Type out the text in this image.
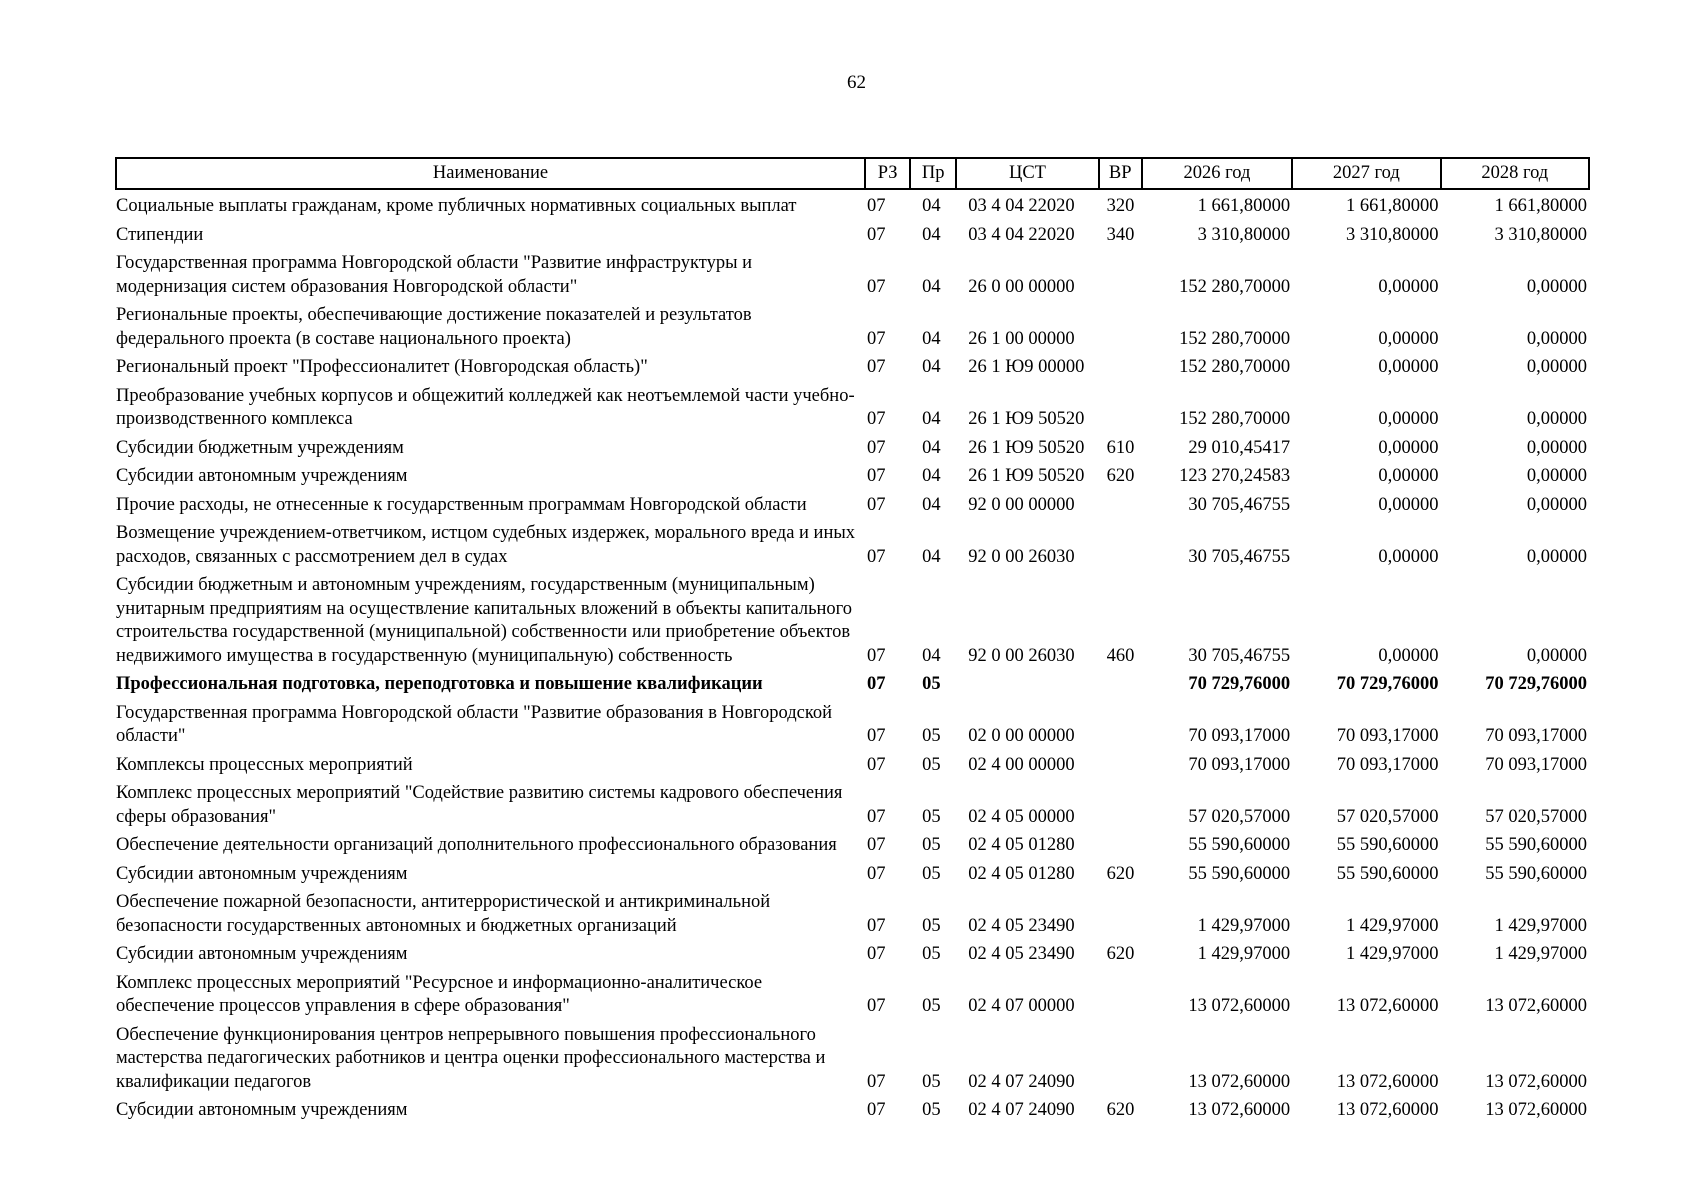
62
Наименование	РЗ	Пр	ЦСТ	ВР	2026 год	2027 год	2028 год
Социальные выплаты гражданам, кроме публичных нормативных социальных выплат	07	04	03 4 04 22020	320	1 661,80000	1 661,80000	1 661,80000
Стипендии	07	04	03 4 04 22020	340	3 310,80000	3 310,80000	3 310,80000
Государственная программа Новгородской области "Развитие инфраструктуры и модернизация систем образования Новгородской области"	07	04	26 0 00 00000		152 280,70000	0,00000	0,00000
Региональные проекты, обеспечивающие достижение показателей и результатов федерального проекта (в составе национального проекта)	07	04	26 1 00 00000		152 280,70000	0,00000	0,00000
Региональный проект "Профессионалитет (Новгородская область)"	07	04	26 1 Ю9 00000		152 280,70000	0,00000	0,00000
Преобразование учебных корпусов и общежитий колледжей как неотъемлемой части учебно-производственного комплекса	07	04	26 1 Ю9 50520		152 280,70000	0,00000	0,00000
Субсидии бюджетным учреждениям	07	04	26 1 Ю9 50520	610	29 010,45417	0,00000	0,00000
Субсидии автономным учреждениям	07	04	26 1 Ю9 50520	620	123 270,24583	0,00000	0,00000
Прочие расходы, не отнесенные к государственным программам Новгородской области	07	04	92 0 00 00000		30 705,46755	0,00000	0,00000
Возмещение учреждением-ответчиком, истцом судебных издержек, морального вреда и иных расходов, связанных с рассмотрением дел в судах	07	04	92 0 00 26030		30 705,46755	0,00000	0,00000
Субсидии бюджетным и автономным учреждениям, государственным (муниципальным) унитарным предприятиям на осуществление капитальных вложений в объекты капитального строительства государственной (муниципальной) собственности или приобретение объектов недвижимого имущества в государственную (муниципальную) собственность	07	04	92 0 00 26030	460	30 705,46755	0,00000	0,00000
Профессиональная подготовка, переподготовка и повышение квалификации	07	05			70 729,76000	70 729,76000	70 729,76000
Государственная программа Новгородской области "Развитие образования в Новгородской области"	07	05	02 0 00 00000		70 093,17000	70 093,17000	70 093,17000
Комплексы процессных мероприятий	07	05	02 4 00 00000		70 093,17000	70 093,17000	70 093,17000
Комплекс процессных мероприятий "Содействие развитию системы кадрового обеспечения сферы образования"	07	05	02 4 05 00000		57 020,57000	57 020,57000	57 020,57000
Обеспечение деятельности организаций дополнительного профессионального образования	07	05	02 4 05 01280		55 590,60000	55 590,60000	55 590,60000
Субсидии автономным учреждениям	07	05	02 4 05 01280	620	55 590,60000	55 590,60000	55 590,60000
Обеспечение пожарной безопасности, антитеррористической и антикриминальной безопасности государственных автономных и бюджетных организаций	07	05	02 4 05 23490		1 429,97000	1 429,97000	1 429,97000
Субсидии автономным учреждениям	07	05	02 4 05 23490	620	1 429,97000	1 429,97000	1 429,97000
Комплекс процессных мероприятий "Ресурсное и информационно-аналитическое обеспечение процессов управления в сфере образования"	07	05	02 4 07 00000		13 072,60000	13 072,60000	13 072,60000
Обеспечение функционирования центров непрерывного повышения профессионального мастерства педагогических работников и центра оценки профессионального мастерства и квалификации педагогов	07	05	02 4 07 24090		13 072,60000	13 072,60000	13 072,60000
Субсидии автономным учреждениям	07	05	02 4 07 24090	620	13 072,60000	13 072,60000	13 072,60000
